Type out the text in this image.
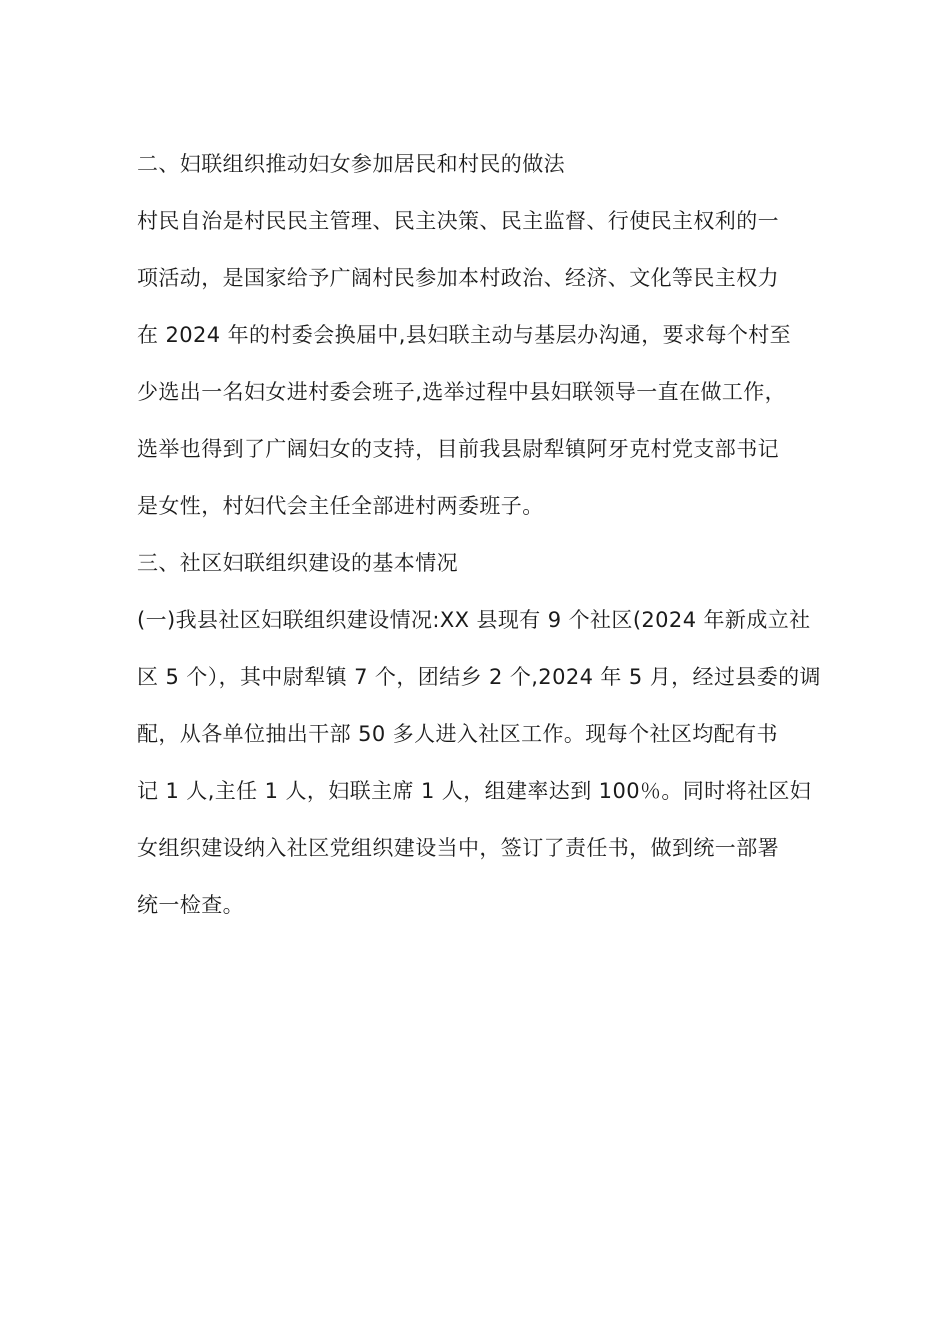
二、妇联组织推动妇女参加居民和村民的做法
村民自治是村民民主管理、民主决策、民主监督、行使民主权利的一
项活动，是国家给予广阔村民参加本村政治、经济、文化等民主权力
在 2024 年的村委会换届中,县妇联主动与基层办沟通，要求每个村至
少选出一名妇女进村委会班子,选举过程中县妇联领导一直在做工作，
选举也得到了广阔妇女的支持，目前我县尉犁镇阿牙克村党支部书记
是女性，村妇代会主任全部进村两委班子。
三、社区妇联组织建设的基本情况
(一)我县社区妇联组织建设情况:XX 县现有 9 个社区(2024 年新成立社
区 5 个），其中尉犁镇 7 个，团结乡 2 个,2024 年 5 月，经过县委的调
配，从各单位抽出干部 50 多人进入社区工作。现每个社区均配有书
记 1 人,主任 1 人，妇联主席 1 人，组建率达到 100％。同时将社区妇
女组织建设纳入社区党组织建设当中，签订了责任书，做到统一部署
统一检查。
